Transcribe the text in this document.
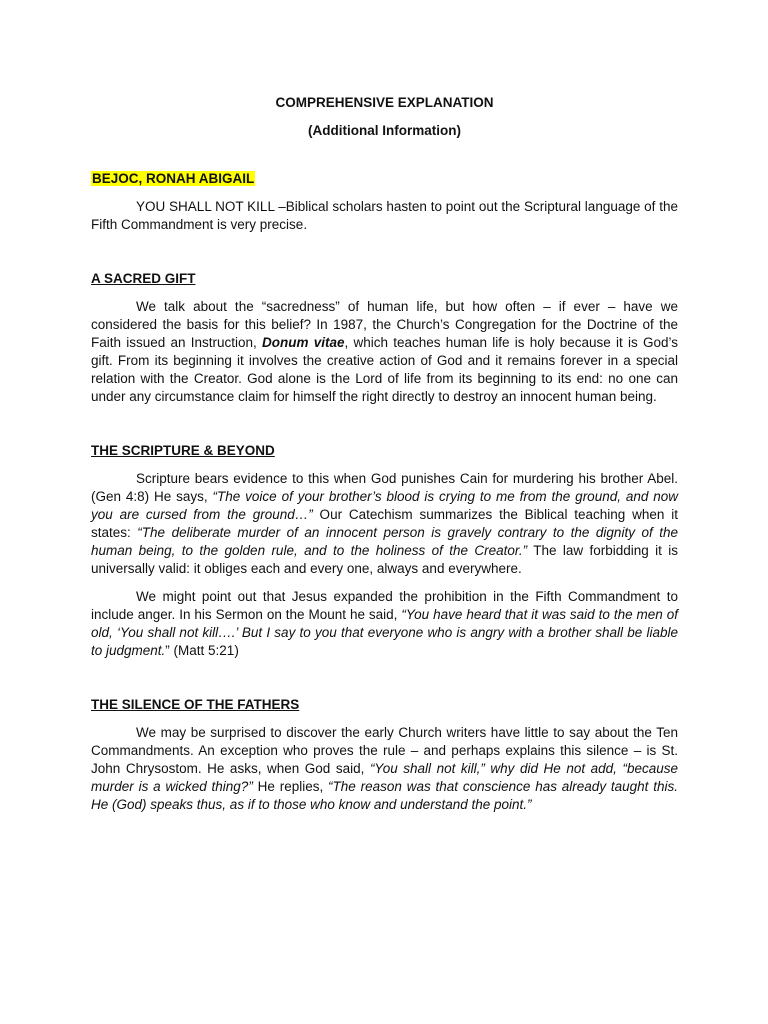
COMPREHENSIVE EXPLANATION

(Additional Information)

BEJOC, RONAH ABIGAIL

YOU SHALL NOT KILL –Biblical scholars hasten to point out the Scriptural language of the Fifth Commandment is very precise.

A SACRED GIFT

We talk about the “sacredness” of human life, but how often – if ever – have we considered the basis for this belief? In 1987, the Church’s Congregation for the Doctrine of the Faith issued an Instruction, Donum vitae, which teaches human life is holy because it is God’s gift. From its beginning it involves the creative action of God and it remains forever in a special relation with the Creator. God alone is the Lord of life from its beginning to its end: no one can under any circumstance claim for himself the right directly to destroy an innocent human being.

THE SCRIPTURE & BEYOND

Scripture bears evidence to this when God punishes Cain for murdering his brother Abel. (Gen 4:8) He says, “The voice of your brother’s blood is crying to me from the ground, and now you are cursed from the ground…” Our Catechism summarizes the Biblical teaching when it states: “The deliberate murder of an innocent person is gravely contrary to the dignity of the human being, to the golden rule, and to the holiness of the Creator.” The law forbidding it is universally valid: it obliges each and every one, always and everywhere.

We might point out that Jesus expanded the prohibition in the Fifth Commandment to include anger. In his Sermon on the Mount he said, “You have heard that it was said to the men of old, ‘You shall not kill….’ But I say to you that everyone who is angry with a brother shall be liable to judgment.” (Matt 5:21)

THE SILENCE OF THE FATHERS

We may be surprised to discover the early Church writers have little to say about the Ten Commandments. An exception who proves the rule – and perhaps explains this silence – is St. John Chrysostom. He asks, when God said, “You shall not kill,” why did He not add, “because murder is a wicked thing?” He replies, “The reason was that conscience has already taught this. He (God) speaks thus, as if to those who know and understand the point.”
